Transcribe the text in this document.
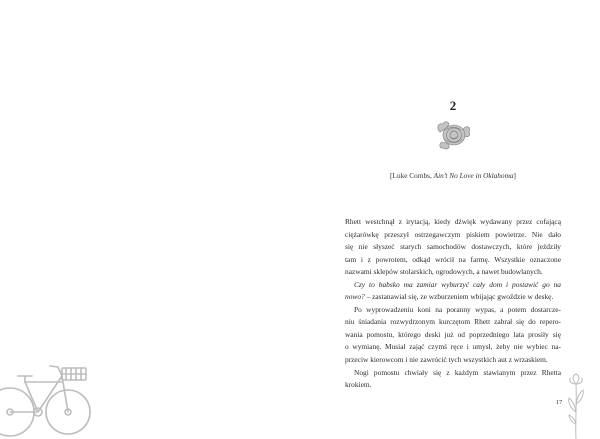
2
[Luke Combs, Ain’t No Love in Oklahoma]
Rhett westchnął z irytacją, kiedy dźwięk wydawany przez cofającą
ciężarówkę przeszył ostrzegawczym piskiem powietrze. Nie dało
się nie słyszeć starych samochodów dostawczych, które jeździły
tam i z powrotem, odkąd wrócił na farmę. Wszystkie oznaczone
nazwami sklepów stolarskich, ogrodowych, a nawet budowlanych.
Czy to babsko ma zamiar wyburzyć cały dom i postawić go na
nowo? – zastanawiał się, ze wzburzeniem wbijając gwoździe w deskę.
Po wyprowadzeniu koni na poranny wypas, a potem dostarcze-
niu śniadania rozwydrzonym kurczętom Rhett zabrał się do repero-
wania pomostu, którego deski już od poprzedniego lata prosiły się
o wymianę. Musiał zająć czymś ręce i umysł, żeby nie wybiec na-
przeciw kierowcom i nie zawrócić tych wszystkich aut z wrzaskiem.
Nogi pomostu chwiały się z każdym stawianym przez Rhetta
krokiem.
17
